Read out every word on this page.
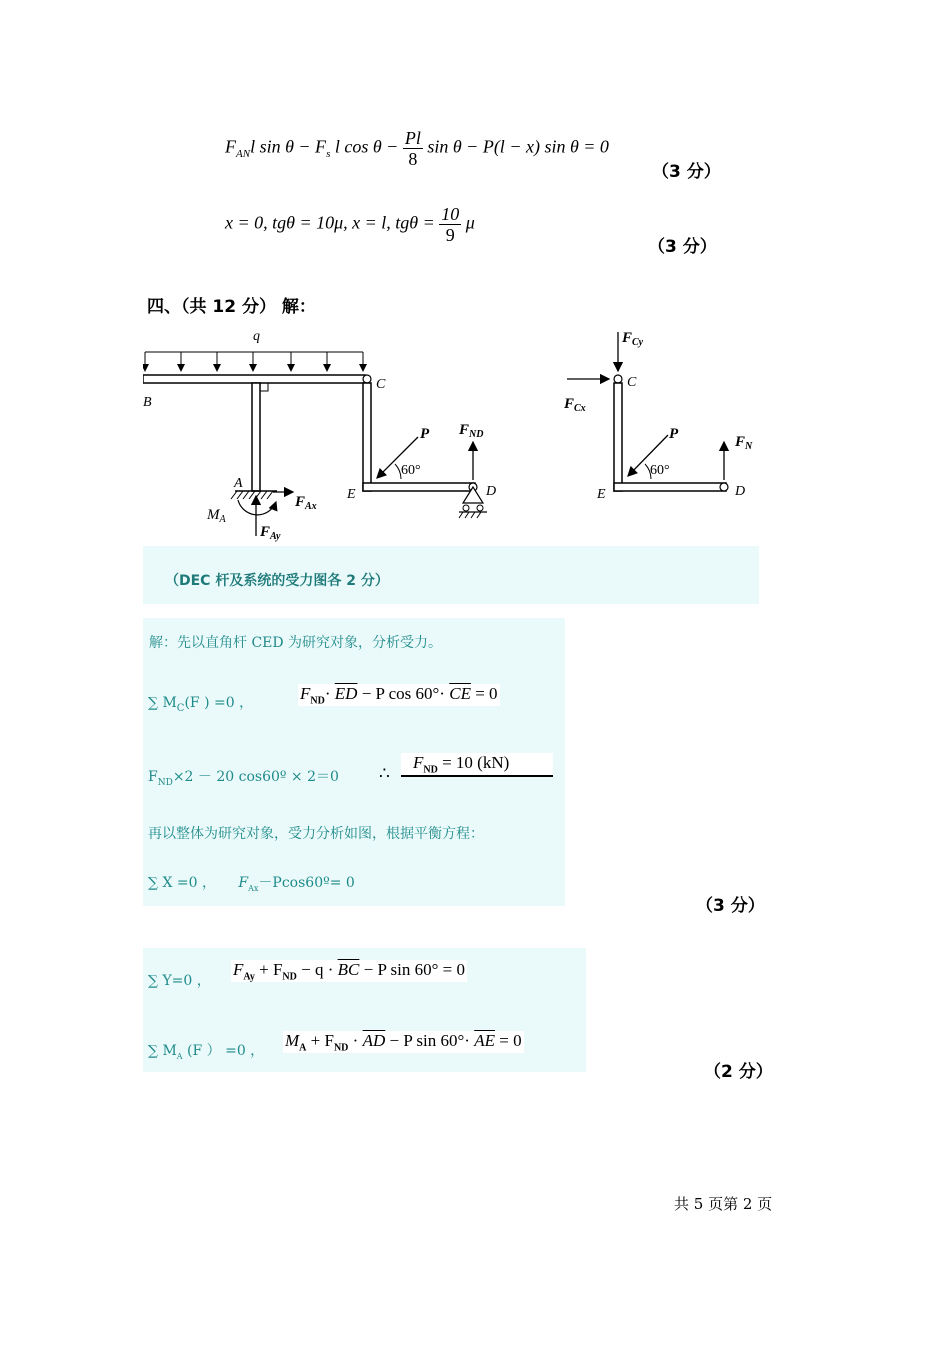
$F_{AN}l$ $\sin \theta - F_s$ l $\cos \theta - \frac{Pl}{8}$ sin θ − P(l − x) sin θ = 0
（3 分）
x = 0, tgθ = 10μ, x = l, $tg\theta = \frac{10}{9}$ μ
（3 分）
四、（共 12 分） 解：
q
B
A
C
E
P
60°
D
$F_{ND}$
$F_{Ax}$
$F_{Ay}$
$M_A$
C
E	D
$F_{Cy}$
$F_{Cx}$
P
60°
$F_N$
（DEC 杆及系统的受力图各 2 分）
解：先以直角杆 CED 为研究对象，分析受力。
∑ $M_C(F$ ) =0 ，	$F_{ND}\cdot \overline{ED} - P$ $\cos 60^\circ\cdot \overline{CE} = 0$
$F_{ND}\times 2 - 20$ cos60º × 2＝0 ∴
$F_{ND} = 10$ (kN)
再以整体为研究对象，受力分析如图，根据平衡方程：
∑ X =0 ， $F_{Ax}-Pcos60º= 0$
（3 分）
∑ Y=0 ，
$F_{Ay} + F_{ND} - q \cdot \overline{BC} - P$ sin 60° = 0
∑ $M_A$ (F ） =0 ，
$M_A + F_{ND} \cdot \overline{AD} - P$ $\sin 60^\circ\cdot \overline{AE} = 0$
（2 分）
共 5 页第 2 页
